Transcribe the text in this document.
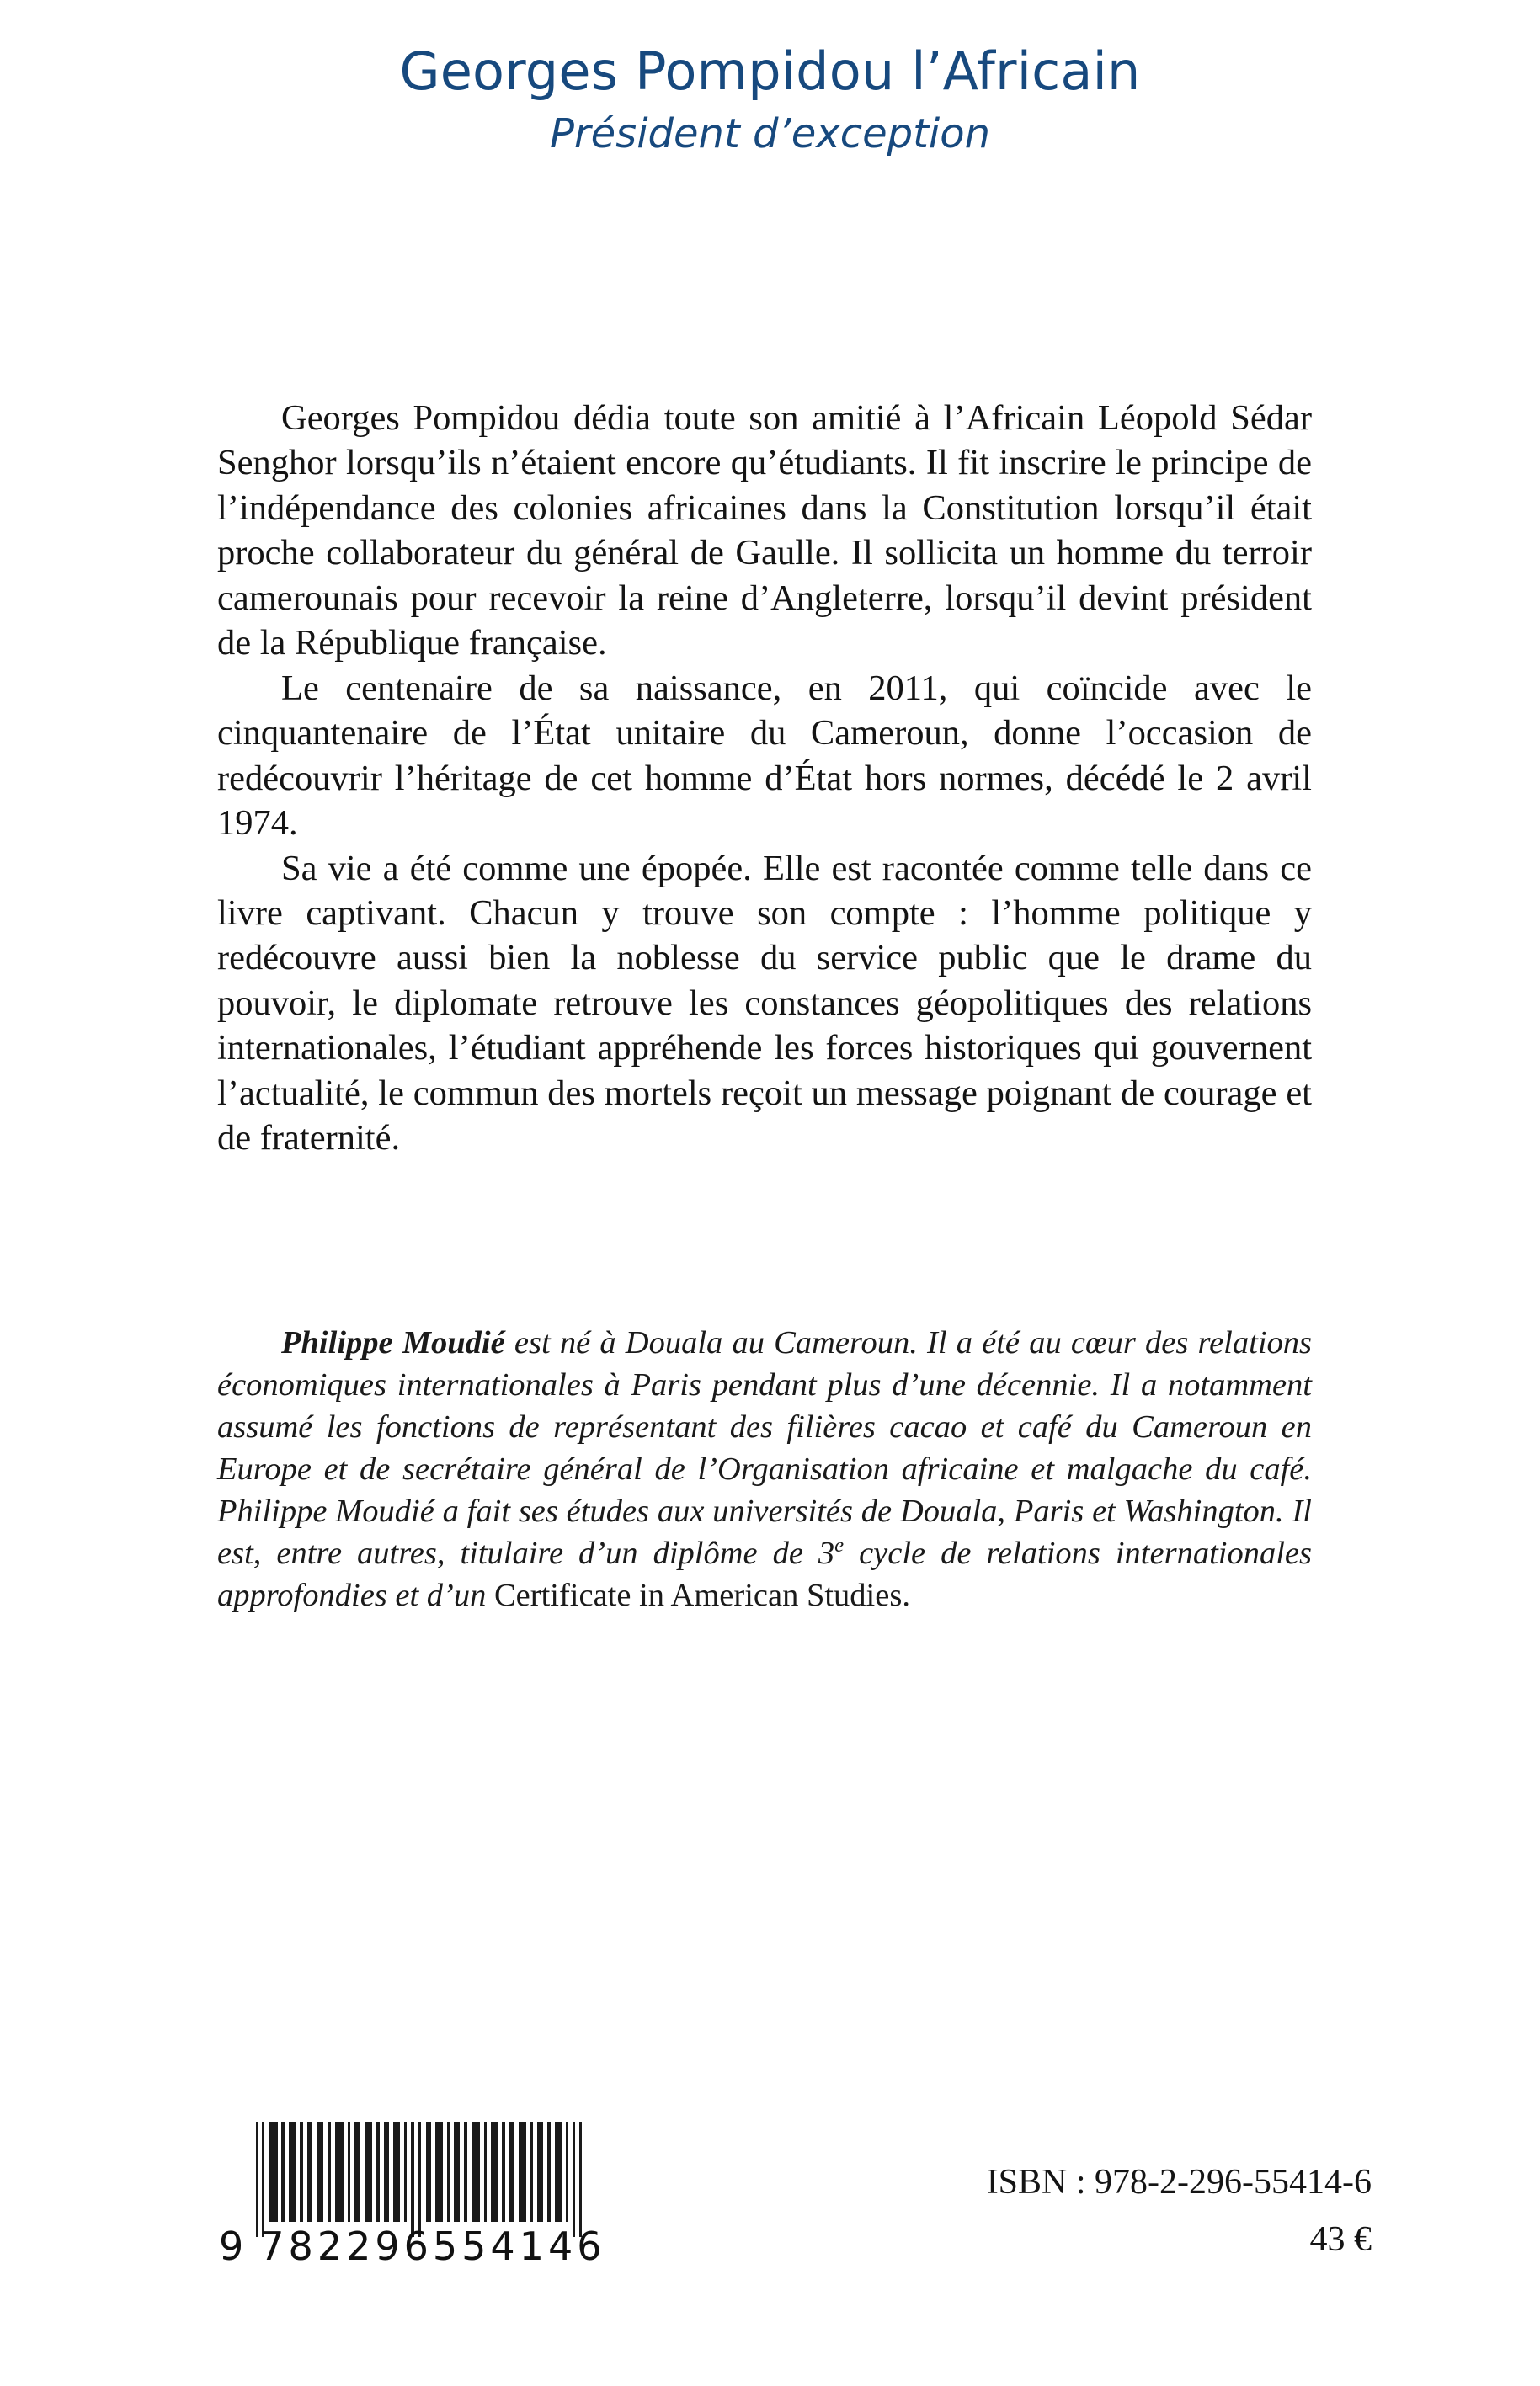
Georges Pompidou l’Africain
Président d’exception

Georges Pompidou dédia toute son amitié à l’Africain Léopold Sédar Senghor lorsqu’ils n’étaient encore qu’étudiants. Il fit inscrire le principe de l’indépendance des colonies africaines dans la Constitution lorsqu’il était proche collaborateur du général de Gaulle. Il sollicita un homme du terroir camerounais pour recevoir la reine d’Angleterre, lorsqu’il devint président de la République française.

Le centenaire de sa naissance, en 2011, qui coïncide avec le cinquantenaire de l’État unitaire du Cameroun, donne l’occasion de redécouvrir l’héritage de cet homme d’État hors normes, décédé le 2 avril 1974.

Sa vie a été comme une épopée. Elle est racontée comme telle dans ce livre captivant. Chacun y trouve son compte : l’homme politique y redécouvre aussi bien la noblesse du service public que le drame du pouvoir, le diplomate retrouve les constances géopolitiques des relations internationales, l’étudiant appréhende les forces historiques qui gouvernent l’actualité, le commun des mortels reçoit un message poignant de courage et de fraternité.

Philippe Moudié est né à Douala au Cameroun. Il a été au cœur des relations économiques internationales à Paris pendant plus d’une décennie. Il a notamment assumé les fonctions de représentant des filières cacao et café du Cameroun en Europe et de secrétaire général de l’Organisation africaine et malgache du café. Philippe Moudié a fait ses études aux universités de Douala, Paris et Washington. Il est, entre autres, titulaire d’un diplôme de 3e cycle de relations internationales approfondies et d’un Certificate in American Studies.

9 782296554146
ISBN : 978-2-296-55414-6
43 €
